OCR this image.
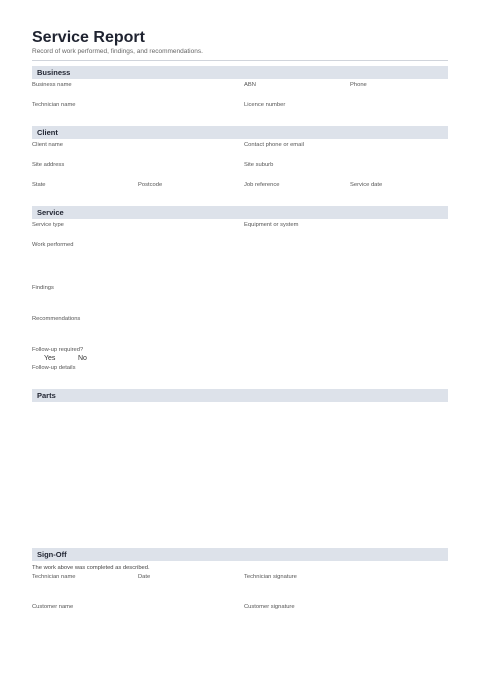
Service Report
Record of work performed, findings, and recommendations.
Business
Business name	ABN	Phone
Technician name	Licence number
Client
Client name	Contact phone or email
Site address	Site suburb
State	Postcode	Job reference	Service date
Service
Service type	Equipment or system
Work performed
Findings
Recommendations
Follow-up required?
Yes	No
Follow-up details
Parts
Sign-Off
The work above was completed as described.
Technician name	Date	Technician signature
Customer name	Customer signature
